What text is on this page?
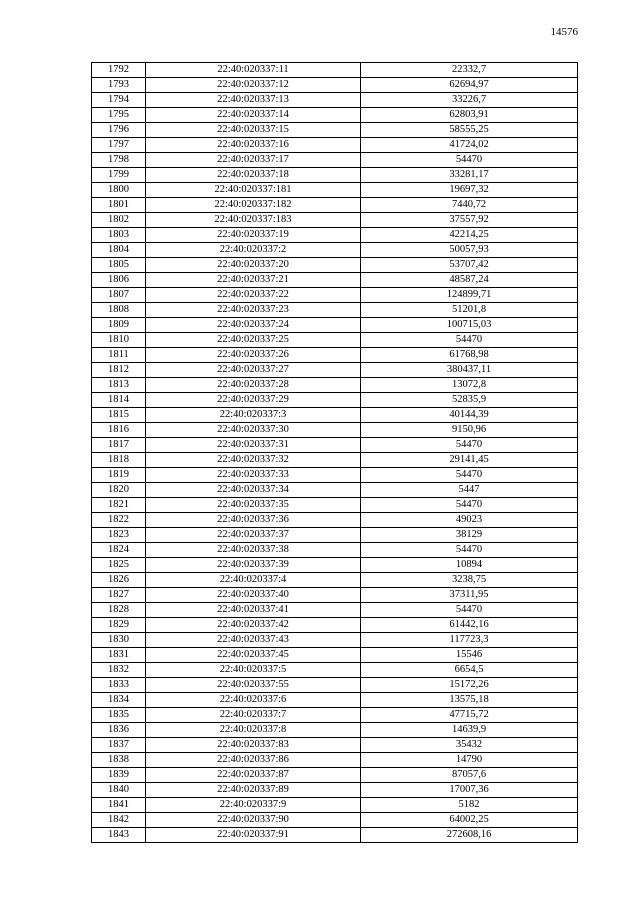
14576
1792	22:40:020337:11	22332,7
1793	22:40:020337:12	62694,97
1794	22:40:020337:13	33226,7
1795	22:40:020337:14	62803,91
1796	22:40:020337:15	58555,25
1797	22:40:020337:16	41724,02
1798	22:40:020337:17	54470
1799	22:40:020337:18	33281,17
1800	22:40:020337:181	19697,32
1801	22:40:020337:182	7440,72
1802	22:40:020337:183	37557,92
1803	22:40:020337:19	42214,25
1804	22:40:020337:2	50057,93
1805	22:40:020337:20	53707,42
1806	22:40:020337:21	48587,24
1807	22:40:020337:22	124899,71
1808	22:40:020337:23	51201,8
1809	22:40:020337:24	100715,03
1810	22:40:020337:25	54470
1811	22:40:020337:26	61768,98
1812	22:40:020337:27	380437,11
1813	22:40:020337:28	13072,8
1814	22:40:020337:29	52835,9
1815	22:40:020337:3	40144,39
1816	22:40:020337:30	9150,96
1817	22:40:020337:31	54470
1818	22:40:020337:32	29141,45
1819	22:40:020337:33	54470
1820	22:40:020337:34	5447
1821	22:40:020337:35	54470
1822	22:40:020337:36	49023
1823	22:40:020337:37	38129
1824	22:40:020337:38	54470
1825	22:40:020337:39	10894
1826	22:40:020337:4	3238,75
1827	22:40:020337:40	37311,95
1828	22:40:020337:41	54470
1829	22:40:020337:42	61442,16
1830	22:40:020337:43	117723,3
1831	22:40:020337:45	15546
1832	22:40:020337:5	6654,5
1833	22:40:020337:55	15172,26
1834	22:40:020337:6	13575,18
1835	22:40:020337:7	47715,72
1836	22:40:020337:8	14639,9
1837	22:40:020337:83	35432
1838	22:40:020337:86	14790
1839	22:40:020337:87	87057,6
1840	22:40:020337:89	17007,36
1841	22:40:020337:9	5182
1842	22:40:020337:90	64002,25
1843	22:40:020337:91	272608,16
